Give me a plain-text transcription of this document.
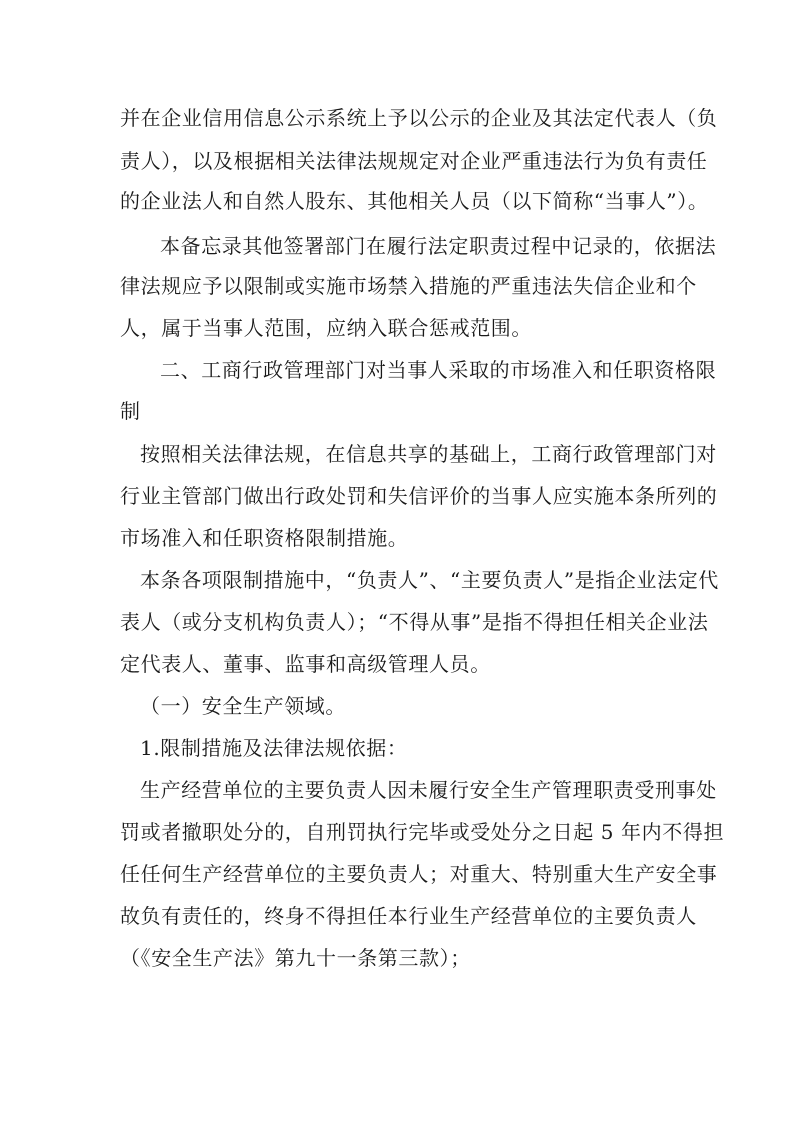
并在企业信用信息公示系统上予以公示的企业及其法定代表人（负
责人），以及根据相关法律法规规定对企业严重违法行为负有责任
的企业法人和自然人股东、其他相关人员（以下简称“当事人”）。
本备忘录其他签署部门在履行法定职责过程中记录的，依据法
律法规应予以限制或实施市场禁入措施的严重违法失信企业和个
人，属于当事人范围，应纳入联合惩戒范围。
二、工商行政管理部门对当事人采取的市场准入和任职资格限
制
按照相关法律法规，在信息共享的基础上，工商行政管理部门对
行业主管部门做出行政处罚和失信评价的当事人应实施本条所列的
市场准入和任职资格限制措施。
本条各项限制措施中，“负责人”、“主要负责人”是指企业法定代
表人（或分支机构负责人）；“不得从事”是指不得担任相关企业法
定代表人、董事、监事和高级管理人员。
（一）安全生产领域。
1.限制措施及法律法规依据：
生产经营单位的主要负责人因未履行安全生产管理职责受刑事处
罚或者撤职处分的，自刑罚执行完毕或受处分之日起 5 年内不得担
任任何生产经营单位的主要负责人；对重大、特别重大生产安全事
故负有责任的，终身不得担任本行业生产经营单位的主要负责人
（《安全生产法》第九十一条第三款）；
